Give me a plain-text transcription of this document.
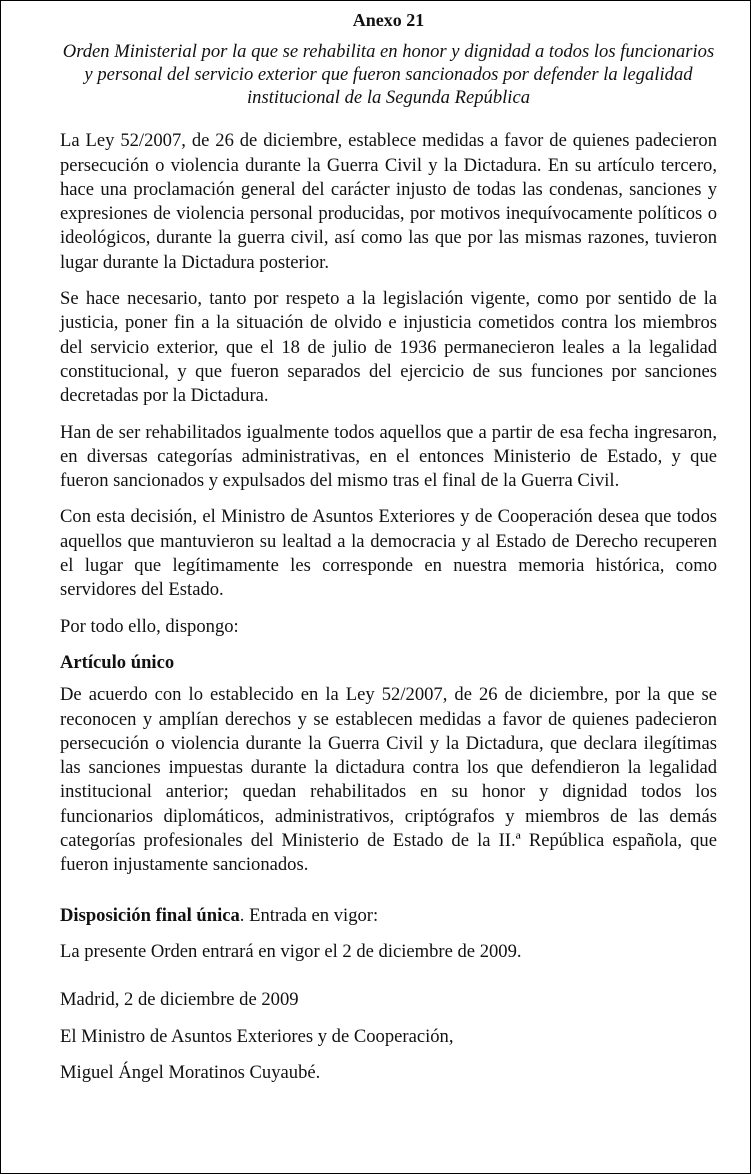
Anexo 21
Orden Ministerial por la que se rehabilita en honor y dignidad a todos los funcionarios y personal del servicio exterior que fueron sancionados por defender la legalidad institucional de la Segunda República

La Ley 52/2007, de 26 de diciembre, establece medidas a favor de quienes padecieron persecución o violencia durante la Guerra Civil y la Dictadura. En su artículo tercero, hace una proclamación general del carácter injusto de todas las condenas, sanciones y expresiones de violencia personal producidas, por motivos inequívocamente políticos o ideológicos, durante la guerra civil, así como las que por las mismas razones, tuvieron lugar durante la Dictadura posterior.

Se hace necesario, tanto por respeto a la legislación vigente, como por sentido de la justicia, poner fin a la situación de olvido e injusticia cometidos contra los miembros del servicio exterior, que el 18 de julio de 1936 permanecieron leales a la legalidad constitucional, y que fueron separados del ejercicio de sus funciones por sanciones decretadas por la Dictadura.

Han de ser rehabilitados igualmente todos aquellos que a partir de esa fecha ingresaron, en diversas categorías administrativas, en el entonces Ministerio de Estado, y que fueron sancionados y expulsados del mismo tras el final de la Guerra Civil.

Con esta decisión, el Ministro de Asuntos Exteriores y de Cooperación desea que todos aquellos que mantuvieron su lealtad a la democracia y al Estado de Derecho recuperen el lugar que legítimamente les corresponde en nuestra memoria histórica, como servidores del Estado.

Por todo ello, dispongo:

Artículo único

De acuerdo con lo establecido en la Ley 52/2007, de 26 de diciembre, por la que se reconocen y amplían derechos y se establecen medidas a favor de quienes padecieron persecución o violencia durante la Guerra Civil y la Dictadura, que declara ilegítimas las sanciones impuestas durante la dictadura contra los que defendieron la legalidad institucional anterior; quedan rehabilitados en su honor y dignidad todos los funcionarios diplomáticos, administrativos, criptógrafos y miembros de las demás categorías profesionales del Ministerio de Estado de la II.ª República española, que fueron injustamente sancionados.

Disposición final única. Entrada en vigor:
La presente Orden entrará en vigor el 2 de diciembre de 2009.
Madrid, 2 de diciembre de 2009
El Ministro de Asuntos Exteriores y de Cooperación,
Miguel Ángel Moratinos Cuyaubé.
